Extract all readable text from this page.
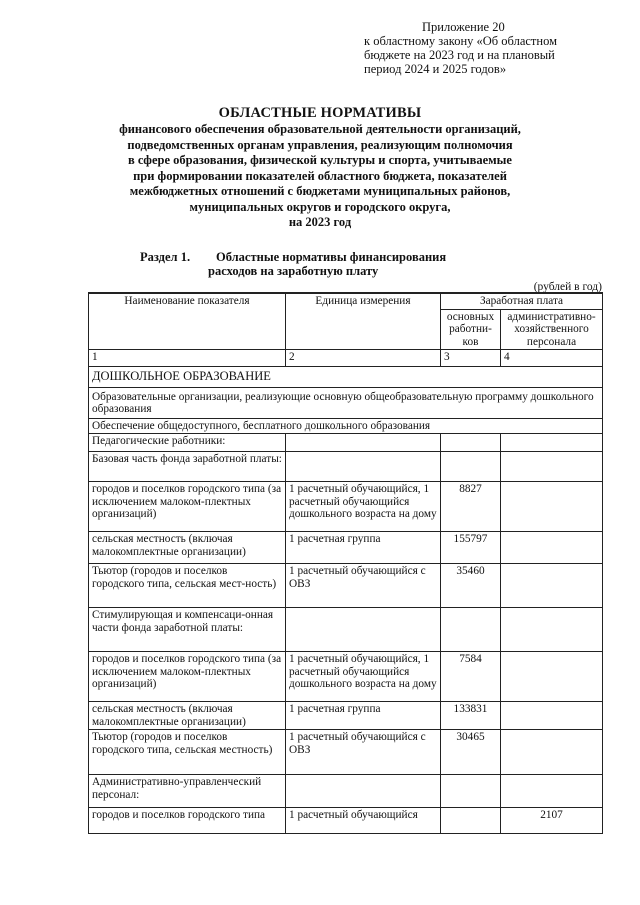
Приложение 20
к областному закону «Об областном
бюджете на 2023 год и на плановый
период 2024 и 2025 годов»
ОБЛАСТНЫЕ НОРМАТИВЫ
финансового обеспечения образовательной деятельности организаций,
подведомственных органам управления, реализующим полномочия
в сфере образования, физической культуры и спорта, учитываемые
при формировании показателей областного бюджета, показателей
межбюджетных отношений с бюджетами муниципальных районов,
муниципальных округов и городского округа,
на 2023 год
Раздел 1.	Областные нормативы финансирования
расходов на заработную плату
(рублей в год)
Наименование показателя	Единица измерения	Заработная плата	
		основных работни-ков	административно-хозяйственного персонала
1	2	3	4
ДОШКОЛЬНОЕ ОБРАЗОВАНИЕ			
Образовательные организации, реализующие основную общеобразовательную программу дошкольного образования			
Обеспечение общедоступного, бесплатного дошкольного образования			
Педагогические работники:			
Базовая часть фонда заработной платы:			
городов и поселков городского типа (за исключением малоком-плектных организаций)	1 расчетный обучающийся, 1 расчетный обучающийся дошкольного возраста на дому	8827	
сельская местность (включая малокомплектные организации)	1 расчетная группа	155797	
Тьютор (городов и поселков городского типа, сельская мест-ность)	1 расчетный обучающийся с ОВЗ	35460	
Стимулирующая и компенсаци-онная части фонда заработной платы:			
городов и поселков городского типа (за исключением малоком-плектных организаций)	1 расчетный обучающийся, 1 расчетный обучающийся дошкольного возраста на дому	7584	
сельская местность (включая малокомплектные организации)	1 расчетная группа	133831	
Тьютор (городов и поселков городского типа, сельская местность)	1 расчетный обучающийся с ОВЗ	30465	
Административно-управленческий персонал:			
городов и поселков городского типа	1 расчетный обучающийся		2107
